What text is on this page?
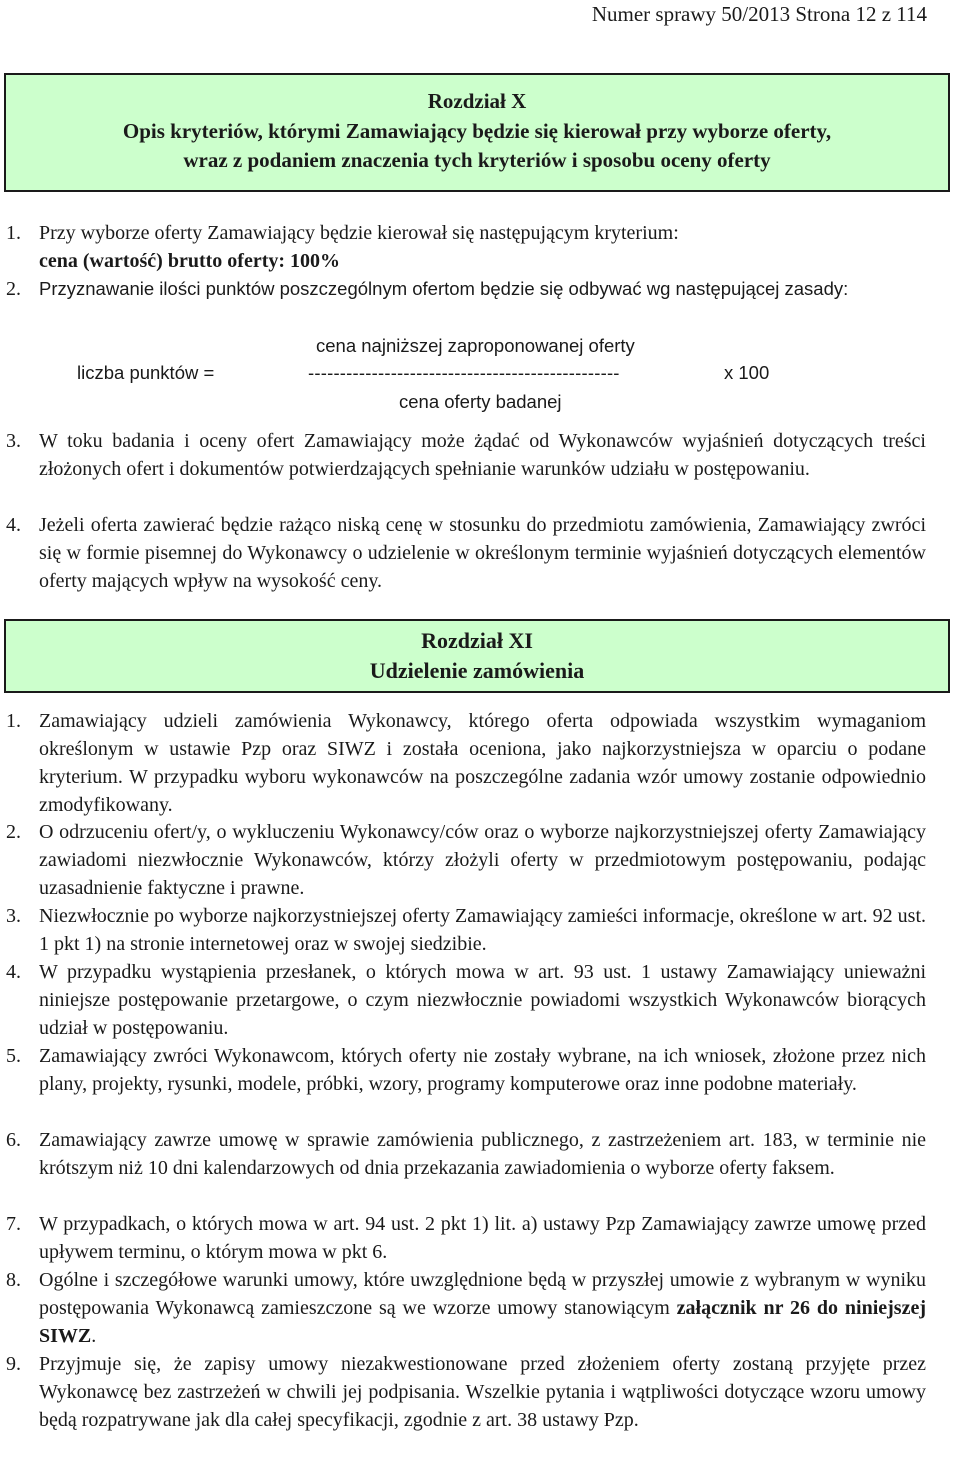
Numer sprawy 50/2013 Strona 12 z 114
Rozdział X
Opis kryteriów, którymi Zamawiający będzie się kierował przy wyborze oferty,
wraz z podaniem znaczenia tych kryteriów i sposobu oceny oferty
1. Przy wyborze oferty Zamawiający będzie kierował się następującym kryterium:
cena (wartość) brutto oferty: 100%
2. Przyznawanie ilości punktów poszczególnym ofertom będzie się odbywać wg następującej zasady:
cena najniższej zaproponowanej oferty
liczba punktów =	-------------------------------------------------	x 100
cena oferty badanej
3. W toku badania i oceny ofert Zamawiający może żądać od Wykonawców wyjaśnień dotyczących treści złożonych ofert i dokumentów potwierdzających spełnianie warunków udziału w postępowaniu.
4. Jeżeli oferta zawierać będzie rażąco niską cenę w stosunku do przedmiotu zamówienia, Zamawiający zwróci się w formie pisemnej do Wykonawcy o udzielenie w określonym terminie wyjaśnień dotyczących elementów oferty mających wpływ na wysokość ceny.
Rozdział XI
Udzielenie zamówienia
1. Zamawiający udzieli zamówienia Wykonawcy, którego oferta odpowiada wszystkim wymaganiom określonym w ustawie Pzp oraz SIWZ i została oceniona, jako najkorzystniejsza w oparciu o podane kryterium. W przypadku wyboru wykonawców na poszczególne zadania wzór umowy zostanie odpowiednio zmodyfikowany.
2. O odrzuceniu ofert/y, o wykluczeniu Wykonawcy/ców oraz o wyborze najkorzystniejszej oferty Zamawiający zawiadomi niezwłocznie Wykonawców, którzy złożyli oferty w przedmiotowym postępowaniu, podając uzasadnienie faktyczne i prawne.
3. Niezwłocznie po wyborze najkorzystniejszej oferty Zamawiający zamieści informacje, określone w art. 92 ust. 1 pkt 1) na stronie internetowej oraz w swojej siedzibie.
4. W przypadku wystąpienia przesłanek, o których mowa w art. 93 ust. 1 ustawy Zamawiający unieważni niniejsze postępowanie przetargowe, o czym niezwłocznie powiadomi wszystkich Wykonawców biorących udział w postępowaniu.
5. Zamawiający zwróci Wykonawcom, których oferty nie zostały wybrane, na ich wniosek, złożone przez nich plany, projekty, rysunki, modele, próbki, wzory, programy komputerowe oraz inne podobne materiały.
6. Zamawiający zawrze umowę w sprawie zamówienia publicznego, z zastrzeżeniem art. 183, w terminie nie krótszym niż 10 dni kalendarzowych od dnia przekazania zawiadomienia o wyborze oferty faksem.
7. W przypadkach, o których mowa w art. 94 ust. 2 pkt 1) lit. a) ustawy Pzp Zamawiający zawrze umowę przed upływem terminu, o którym mowa w pkt 6.
8. Ogólne i szczegółowe warunki umowy, które uwzględnione będą w przyszłej umowie z wybranym w wyniku postępowania Wykonawcą zamieszczone są we wzorze umowy stanowiącym załącznik nr 26 do niniejszej SIWZ.
9. Przyjmuje się, że zapisy umowy niezakwestionowane przed złożeniem oferty zostaną przyjęte przez Wykonawcę bez zastrzeżeń w chwili jej podpisania. Wszelkie pytania i wątpliwości dotyczące wzoru umowy będą rozpatrywane jak dla całej specyfikacji, zgodnie z art. 38 ustawy Pzp.
